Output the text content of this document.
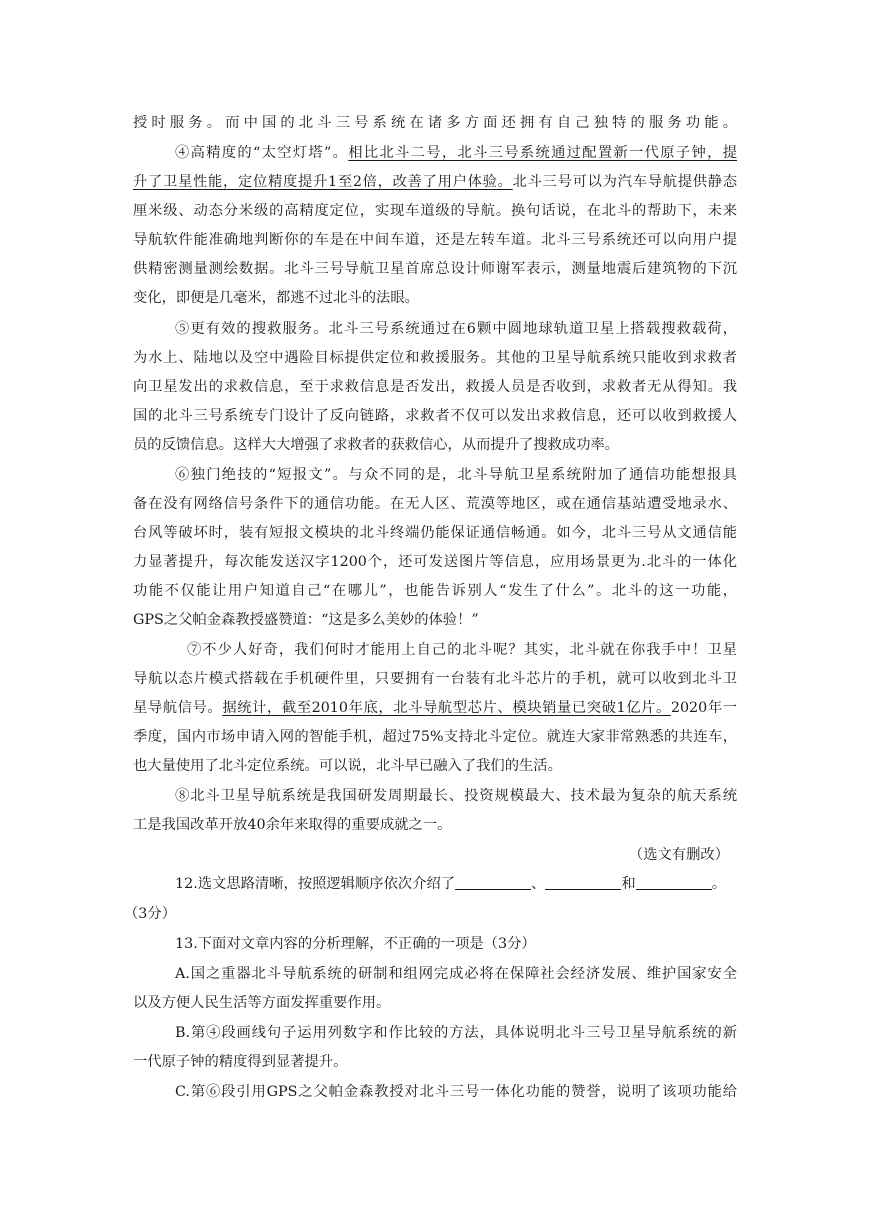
授时服务。而中国的北斗三号系统在诸多方面还拥有自己独特的服务功能。
④高精度的“太空灯塔”。相比北斗二号，北斗三号系统通过配置新一代原子钟，提
升了卫星性能，定位精度提升1至2倍，改善了用户体验。北斗三号可以为汽车导航提供静态
厘米级、动态分米级的高精度定位，实现车道级的导航。换句话说，在北斗的帮助下，未来
导航软件能准确地判断你的车是在中间车道，还是左转车道。北斗三号系统还可以向用户提
供精密测量测绘数据。北斗三号导航卫星首席总设计师谢军表示，测量地震后建筑物的下沉
变化，即便是几毫米，都逃不过北斗的法眼。
⑤更有效的搜救服务。北斗三号系统通过在6颗中圆地球轨道卫星上搭载搜救载荷，
为水上、陆地以及空中遇险目标提供定位和救援服务。其他的卫星导航系统只能收到求救者
向卫星发出的求救信息，至于求救信息是否发出，救援人员是否收到，求救者无从得知。我
国的北斗三号系统专门设计了反向链路，求救者不仅可以发出求救信息，还可以收到救援人
员的反馈信息。这样大大增强了求救者的获救信心，从而提升了搜救成功率。
⑥独门绝技的“短报文”。与众不同的是，北斗导航卫星系统附加了通信功能想报具
备在没有网络信号条件下的通信功能。在无人区、荒漠等地区，或在通信基站遭受地录水、
台风等破坏时，装有短报文模块的北斗终端仍能保证通信畅通。如今，北斗三号从文通信能
力显著提升，每次能发送汉字1200个，还可发送图片等信息，应用场景更为.北斗的一体化
功能不仅能让用户知道自己“在哪儿”，也能告诉别人“发生了什么”。北斗的这一功能，
GPS之父帕金森教授盛赞道：“这是多么美妙的体验！”
⑦不少人好奇，我们何时才能用上自己的北斗呢？其实，北斗就在你我手中！卫星
导航以态片模式搭载在手机硬件里，只要拥有一台装有北斗芯片的手机，就可以收到北斗卫
星导航信号。据统计，截至2010年底，北斗导航型芯片、模块销量已突破1亿片。2020年一
季度，国内市场申请入网的智能手机，超过75%支持北斗定位。就连大家非常熟悉的共连车，
也大量使用了北斗定位系统。可以说，北斗早已融入了我们的生活。
⑧北斗卫星导航系统是我国研发周期最长、投资规模最大、技术最为复杂的航天系统
工是我国改革开放40余年来取得的重要成就之一。
（选文有删改）
12.选文思路清晰，按照逻辑顺序依次介绍了	、	和	。
（3分）
13.下面对文章内容的分析理解，不正确的一项是（3分）
A.国之重器北斗导航系统的研制和组网完成必将在保障社会经济发展、维护国家安全
以及方便人民生活等方面发挥重要作用。
B.第④段画线句子运用列数字和作比较的方法，具体说明北斗三号卫星导航系统的新
一代原子钟的精度得到显著提升。
C.第⑥段引用GPS之父帕金森教授对北斗三号一体化功能的赞誉，说明了该项功能给
